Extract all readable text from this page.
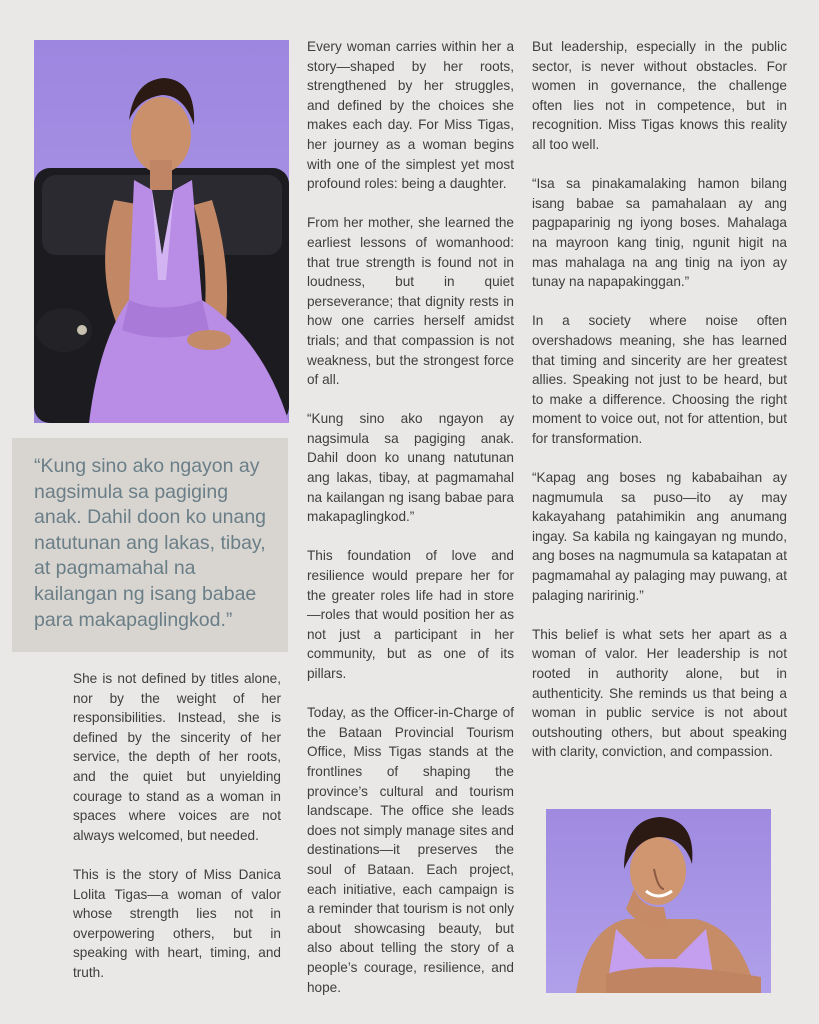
“Kung sino ako ngayon ay nagsimula sa pagiging anak. Dahil doon ko unang natutunan ang lakas, tibay, at pagmamahal na kailangan ng isang babae para makapaglingkod.”

She is not defined by titles alone, nor by the weight of her responsibilities. Instead, she is defined by the sincerity of her service, the depth of her roots, and the quiet but unyielding courage to stand as a woman in spaces where voices are not always welcomed, but needed.

This is the story of Miss Danica Lolita Tigas—a woman of valor whose strength lies not in overpowering others, but in speaking with heart, timing, and truth.

Every woman carries within her a story—shaped by her roots, strengthened by her struggles, and defined by the choices she makes each day. For Miss Tigas, her journey as a woman begins with one of the simplest yet most profound roles: being a daughter.

From her mother, she learned the earliest lessons of womanhood: that true strength is found not in loudness, but in quiet perseverance; that dignity rests in how one carries herself amidst trials; and that compassion is not weakness, but the strongest force of all.

“Kung sino ako ngayon ay nagsimula sa pagiging anak. Dahil doon ko unang natutunan ang lakas, tibay, at pagmamahal na kailangan ng isang babae para makapaglingkod.”

This foundation of love and resilience would prepare her for the greater roles life had in store—roles that would position her as not just a participant in her community, but as one of its pillars.

Today, as the Officer-in-Charge of the Bataan Provincial Tourism Office, Miss Tigas stands at the frontlines of shaping the province’s cultural and tourism landscape. The office she leads does not simply manage sites and destinations—it preserves the soul of Bataan. Each project, each initiative, each campaign is a reminder that tourism is not only about showcasing beauty, but also about telling the story of a people’s courage, resilience, and hope.

But leadership, especially in the public sector, is never without obstacles. For women in governance, the challenge often lies not in competence, but in recognition. Miss Tigas knows this reality all too well.

“Isa sa pinakamalaking hamon bilang isang babae sa pamahalaan ay ang pagpaparinig ng iyong boses. Mahalaga na mayroon kang tinig, ngunit higit na mas mahalaga na ang tinig na iyon ay tunay na napapakinggan.”

In a society where noise often overshadows meaning, she has learned that timing and sincerity are her greatest allies. Speaking not just to be heard, but to make a difference. Choosing the right moment to voice out, not for attention, but for transformation.

“Kapag ang boses ng kababaihan ay nagmumula sa puso—ito ay may kakayahang patahimikin ang anumang ingay. Sa kabila ng kaingayan ng mundo, ang boses na nagmumula sa katapatan at pagmamahal ay palaging may puwang, at palaging naririnig.”

This belief is what sets her apart as a woman of valor. Her leadership is not rooted in authority alone, but in authenticity. She reminds us that being a woman in public service is not about outshouting others, but about speaking with clarity, conviction, and compassion.
